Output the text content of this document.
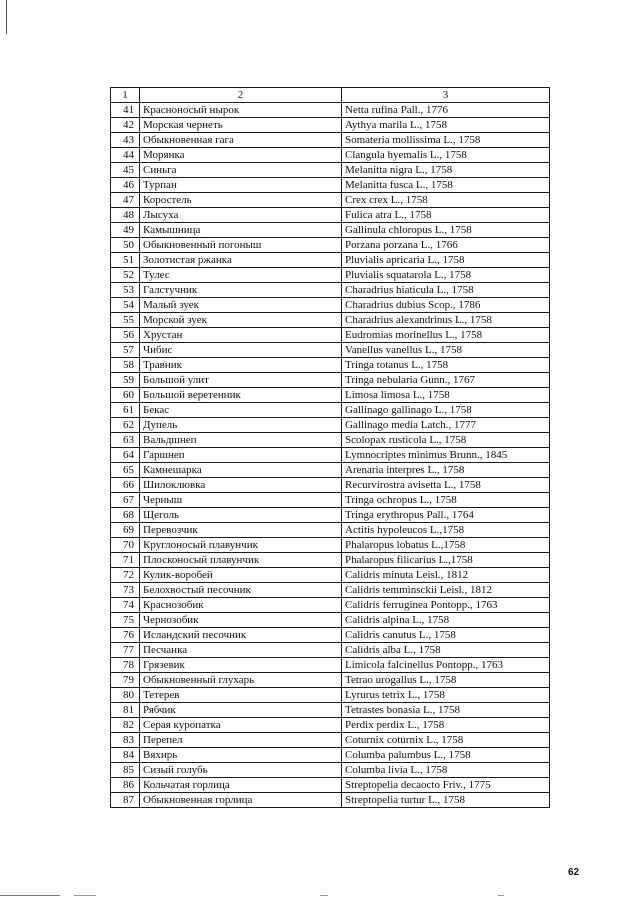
1	2	3
41	Красноносый нырок	Netta rufina Pall., 1776
42	Морская чернеть	Aythya marila L., 1758
43	Обыкновенная гага	Somateria mollissima L., 1758
44	Морянка	Clangula hyemalis L., 1758
45	Синьга	Melanitta nigra L., 1758
46	Турпан	Melanitta fusca L., 1758
47	Коростель	Crex crex L., 1758
48	Лысуха	Fulica atra L., 1758
49	Камышница	Gallinula chloropus L., 1758
50	Обыкновенный погоныш	Porzana porzana L., 1766
51	Золотистая ржанка	Pluvialis apricaria L., 1758
52	Тулес	Pluvialis squatarola L., 1758
53	Галстучник	Charadrius hiaticula L., 1758
54	Малый зуек	Charadrius dubius Scop., 1786
55	Морской зуек	Charadrius alexandrinus L., 1758
56	Хрустан	Eudromias morinellus L., 1758
57	Чибис	Vanellus vanellus L., 1758
58	Травник	Tringa totanus L., 1758
59	Большой улит	Tringa nebularia Gunn., 1767
60	Большой веретенник	Limosa limosa L., 1758
61	Бекас	Gallinago gallinago L., 1758
62	Дупель	Gallinago media Latch., 1777
63	Вальдшнеп	Scolopax rusticola L., 1758
64	Гаршнеп	Lymnocriptes minimus Brunn., 1845
65	Камнешарка	Arenaria interpres L., 1758
66	Шилоклювка	Recurvirostra avisetta L., 1758
67	Черныш	Tringa ochropus L., 1758
68	Щеголь	Tringa erythropus Pall., 1764
69	Перевозчик	Actitis hypoleucos L.,1758
70	Круглоносый плавунчик	Phalaropus lobatus L.,1758
71	Плосконосый плавунчик	Phalaropus filicarius L.,1758
72	Кулик-воробей	Calidris minuta Leisl., 1812
73	Белохвостый песочник	Calidris temminsckii Leisl., 1812
74	Краснозобик	Calidris ferruginea Pontopp., 1763
75	Чернозобик	Calidris alpina L., 1758
76	Исландский песочник	Calidris canutus L., 1758
77	Песчанка	Calidris alba L., 1758
78	Грязевик	Limicola falcinellus Pontopp., 1763
79	Обыкновенный глухарь	Tetrao urogallus L., 1758
80	Тетерев	Lyrurus tetrix L., 1758
81	Рябчик	Tetrastes bonasia L., 1758
82	Серая куропатка	Perdix perdix L., 1758
83	Перепел	Coturnix coturnix L., 1758
84	Вяхирь	Columba palumbus L., 1758
85	Сизый голубь	Columba livia L., 1758
86	Кольчатая горлица	Streptopelia decaocto Friv., 1775
87	Обыкновенная горлица	Streptopelia turtur L., 1758
62
